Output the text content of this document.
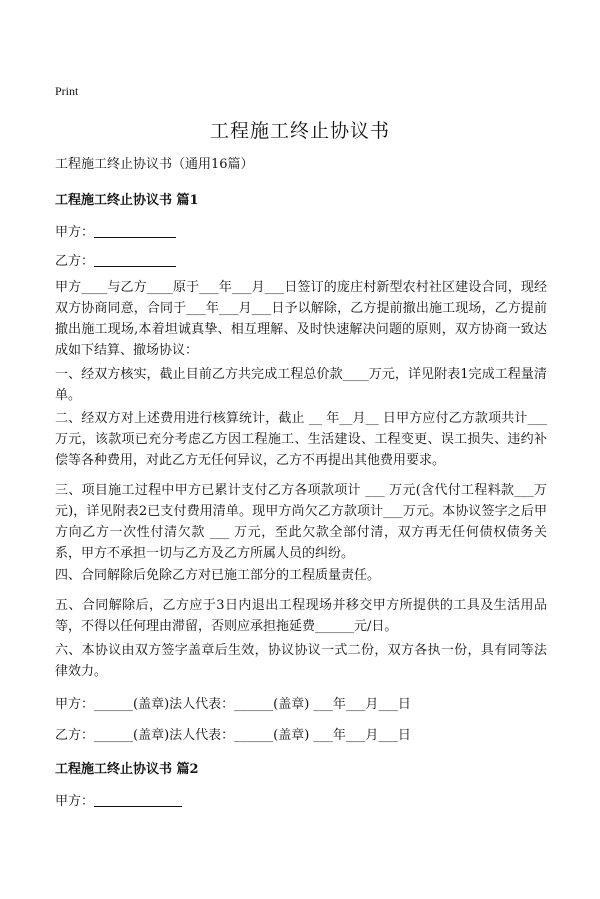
Print
工程施工终止协议书
工程施工终止协议书（通用16篇）
工程施工终止协议书 篇1
甲方：
乙方：
甲方____与乙方____原于___年___月___日签订的庞庄村新型农村社区建设合同，现经双方协商同意，合同于___年___月___日予以解除，乙方提前撤出施工现场，乙方提前撤出施工现场,本着坦诚真挚、相互理解、及时快速解决问题的原则，双方协商一致达成如下结算、撤场协议：
一、经双方核实，截止目前乙方共完成工程总价款____万元，详见附表1完成工程量清单。
二、经双方对上述费用进行核算统计，截止 __ 年__月__ 日甲方应付乙方款项共计___万元，该款项已充分考虑乙方因工程施工、生活建设、工程变更、误工损失、违约补偿等各种费用，对此乙方无任何异议，乙方不再提出其他费用要求。
三、项目施工过程中甲方已累计支付乙方各项款项计 ___ 万元(含代付工程料款___万元)，详见附表2已支付费用清单。现甲方尚欠乙方款项计___万元。本协议签字之后甲方向乙方一次性付清欠款 ___ 万元，至此欠款全部付清，双方再无任何债权债务关系，甲方不承担一切与乙方及乙方所属人员的纠纷。
四、合同解除后免除乙方对已施工部分的工程质量责任。
五、合同解除后，乙方应于3日内退出工程现场并移交甲方所提供的工具及生活用品等，不得以任何理由滞留，否则应承担拖延费______元/日。
六、本协议由双方签字盖章后生效，协议协议一式二份，双方各执一份，具有同等法律效力。
甲方：______(盖章)法人代表：______(盖章) ___年___月___日
乙方：______(盖章)法人代表：______(盖章) ___年___月___日
工程施工终止协议书 篇2
甲方：
